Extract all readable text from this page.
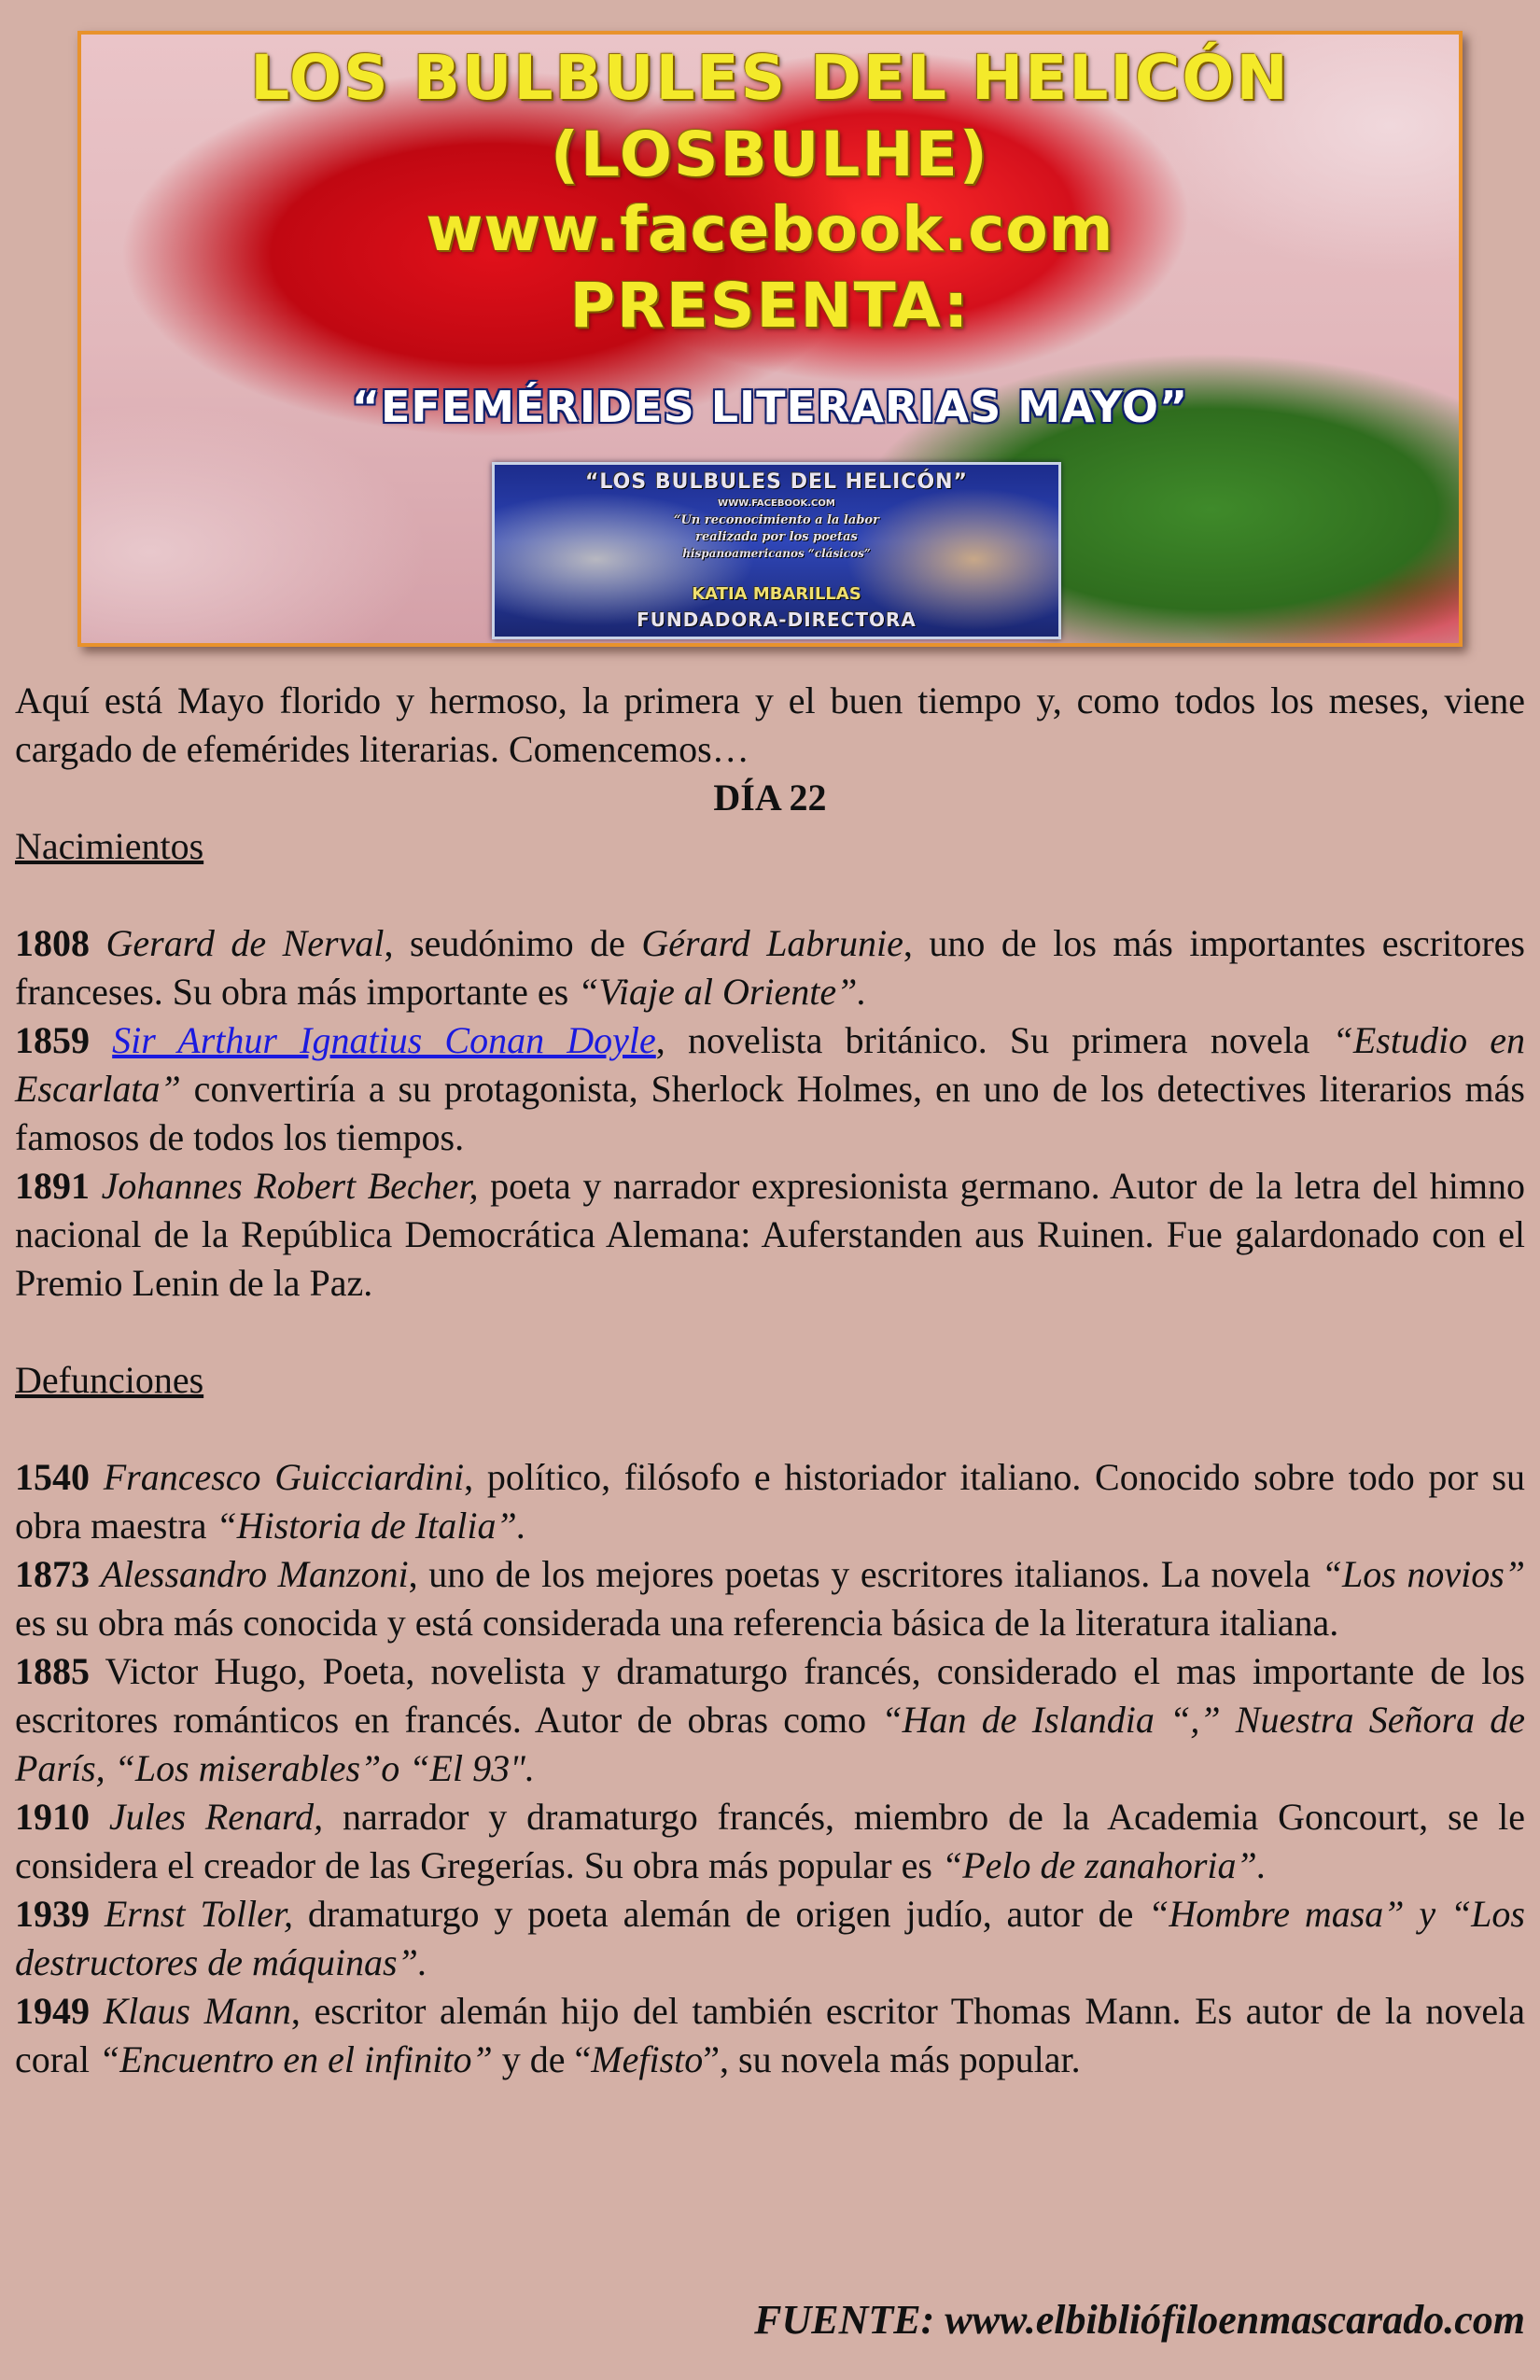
LOS BULBULES DEL HELICÓN
(LOSBULHE)
www.facebook.com
PRESENTA:
“EFEMÉRIDES LITERARIAS MAYO”
“LOS BULBULES DEL HELICÓN”
WWW.FACEBOOK.COM
“Un reconocimiento a la labor
realizada por los poetas
hispanoamericanos “clásicos”
KATIA MBARILLAS
FUNDADORA-DIRECTORA

Aquí está Mayo florido y hermoso, la primera y el buen tiempo y, como todos los meses, viene cargado de efemérides literarias. Comencemos…

DÍA 22

Nacimientos

1808 Gerard de Nerval, seudónimo de Gérard Labrunie, uno de los más importantes escritores franceses. Su obra más importante es “Viaje al Oriente”.

1859 Sir Arthur Ignatius Conan Doyle, novelista británico. Su primera novela “Estudio en Escarlata” convertiría a su protagonista, Sherlock Holmes, en uno de los detectives literarios más famosos de todos los tiempos.

1891 Johannes Robert Becher, poeta y narrador expresionista germano. Autor de la letra del himno nacional de la República Democrática Alemana: Auferstanden aus Ruinen. Fue galardonado con el Premio Lenin de la Paz.

Defunciones

1540 Francesco Guicciardini, político, filósofo e historiador italiano. Conocido sobre todo por su obra maestra “Historia de Italia”.

1873 Alessandro Manzoni, uno de los mejores poetas y escritores italianos. La novela “Los novios” es su obra más conocida y está considerada una referencia básica de la literatura italiana.

1885 Victor Hugo, Poeta, novelista y dramaturgo francés, considerado el mas importante de los escritores románticos en francés. Autor de obras como “Han de Islandia “,” Nuestra Señora de París, “Los miserables”o “El 93".

1910 Jules Renard, narrador y dramaturgo francés, miembro de la Academia Goncourt, se le considera el creador de las Gregerías. Su obra más popular es “Pelo de zanahoria”.

1939 Ernst Toller, dramaturgo y poeta alemán de origen judío, autor de “Hombre masa” y “Los destructores de máquinas”.

1949 Klaus Mann, escritor alemán hijo del también escritor Thomas Mann. Es autor de la novela coral “Encuentro en el infinito” y de “Mefisto”, su novela más popular.

FUENTE: www.elbibliófiloenmascarado.com
